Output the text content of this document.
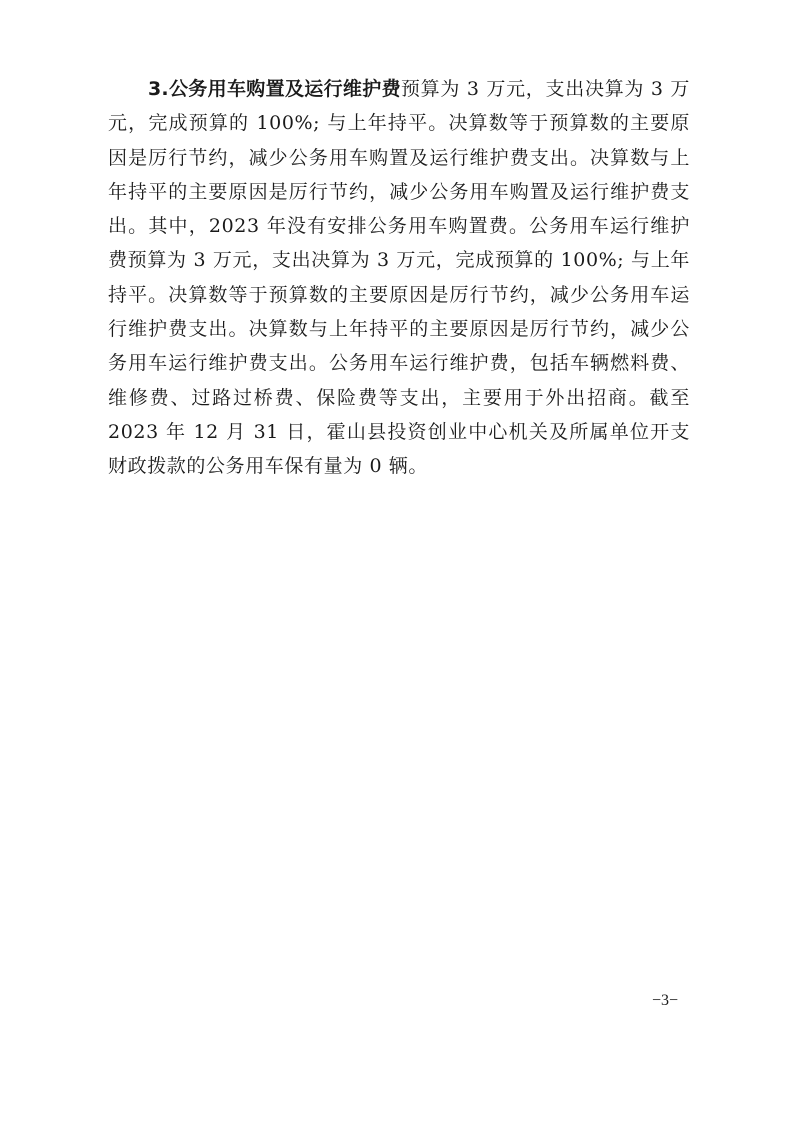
3.公务用车购置及运行维护费预算为 3 万元，支出决算为 3 万元，完成预算的 100%; 与上年持平。决算数等于预算数的主要原因是厉行节约，减少公务用车购置及运行维护费支出。决算数与上年持平的主要原因是厉行节约，减少公务用车购置及运行维护费支出。其中，2023 年没有安排公务用车购置费。公务用车运行维护费预算为 3 万元，支出决算为 3 万元，完成预算的 100%; 与上年持平。决算数等于预算数的主要原因是厉行节约，减少公务用车运行维护费支出。决算数与上年持平的主要原因是厉行节约，减少公务用车运行维护费支出。公务用车运行维护费，包括车辆燃料费、维修费、过路过桥费、保险费等支出，主要用于外出招商。截至 2023 年 12 月 31 日，霍山县投资创业中心机关及所属单位开支财政拨款的公务用车保有量为 0 辆。

−3−
